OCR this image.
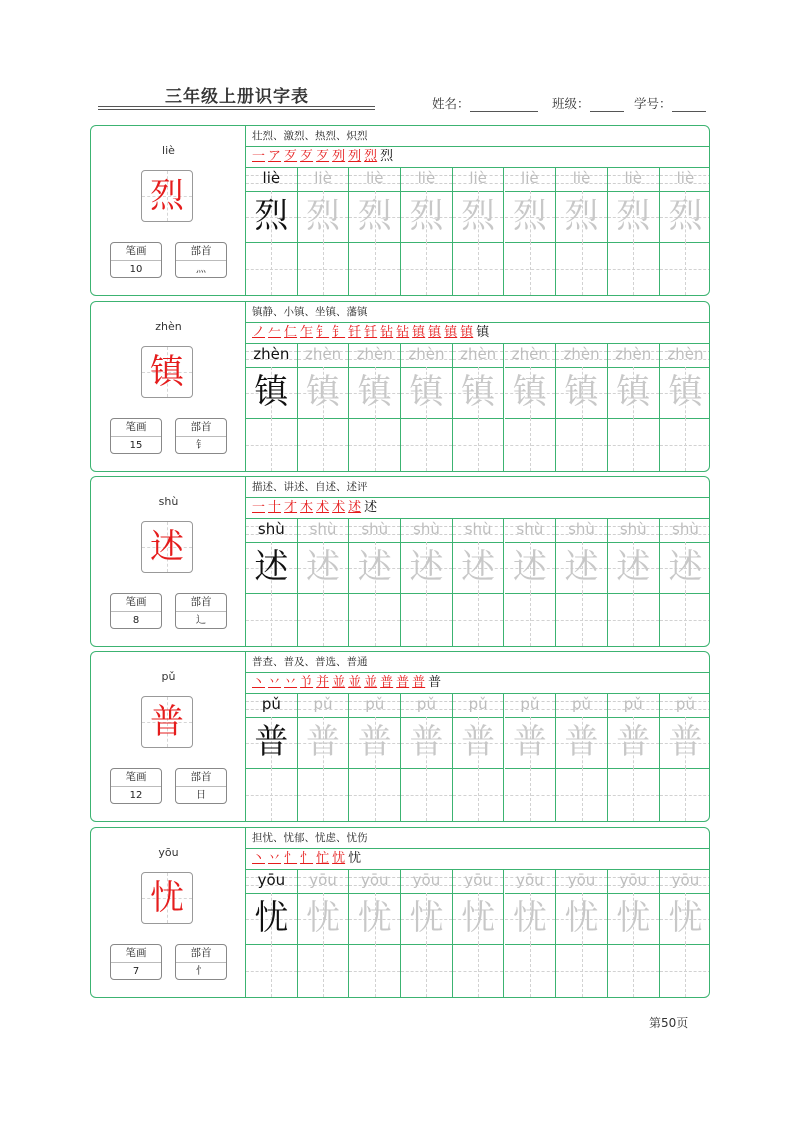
三年级上册识字表	姓名：	班级：	学号：
liè
烈
笔画
10
部首
灬
壮烈、激烈、热烈、炽烈
一 ア 歹 歹 歹 列 列 烈 烈
liè
烈
liè
烈
liè
烈
liè
烈
liè
烈
liè
烈
liè
烈
liè
烈
liè
烈
zhèn
镇
笔画
15
部首
钅
镇静、小镇、坐镇、藩镇
ノ 𠂉 仁 乍 钅 钅 钎 钎 钻 钻 镇 镇 镇 镇 镇
zhèn
镇
zhèn
镇
zhèn
镇
zhèn
镇
zhèn
镇
zhèn
镇
zhèn
镇
zhèn
镇
zhèn
镇
shù
述
笔画
8
部首
辶
描述、讲述、自述、述评
一 十 才 木 术 术 述 述
shù
述
shù
述
shù
述
shù
述
shù
述
shù
述
shù
述
shù
述
shù
述
pǔ
普
笔画
12
部首
日
普查、普及、普选、普通
丶 丷 丷 兯 并 並 並 並 普 普 普 普
pǔ
普
pǔ
普
pǔ
普
pǔ
普
pǔ
普
pǔ
普
pǔ
普
pǔ
普
pǔ
普
yōu
忧
笔画
7
部首
忄
担忧、忧郁、忧虑、忧伤
丶 丷 忄 忄 忙 忧 忧
yōu
忧
yōu
忧
yōu
忧
yōu
忧
yōu
忧
yōu
忧
yōu
忧
yōu
忧
yōu
忧
第50页
